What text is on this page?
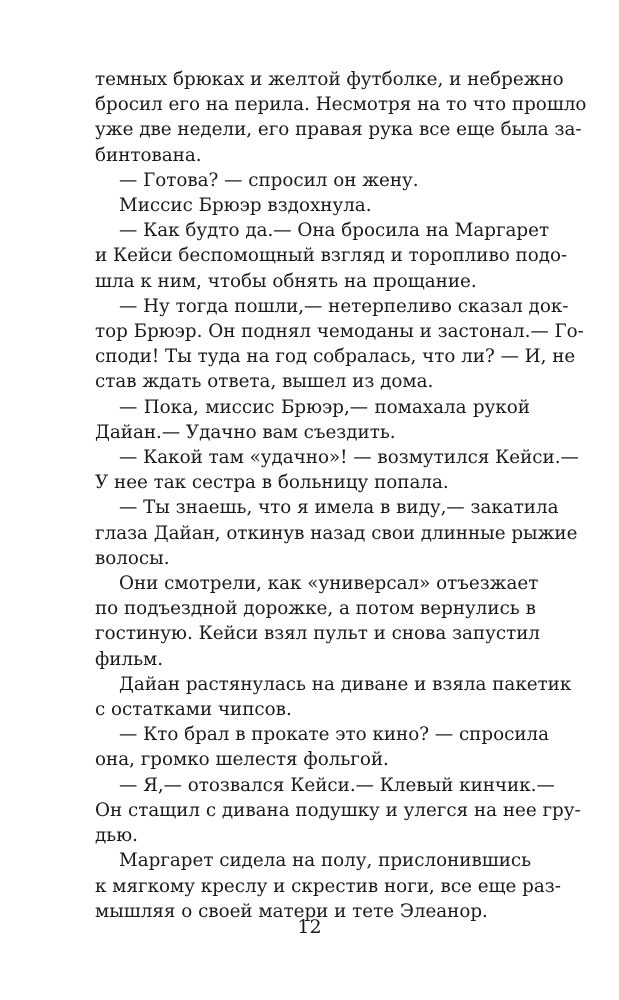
темных брюках и желтой футболке, и небрежно
бросил его на перила. Несмотря на то что прошло
уже две недели, его правая рука все еще была за-
бинтована.

— Готова? — спросил он жену.

Миссис Брюэр вздохнула.

— Как будто да.— Она бросила на Маргарет
и Кейси беспомощный взгляд и торопливо подо-
шла к ним, чтобы обнять на прощание.

— Ну тогда пошли,— нетерпеливо сказал док-
тор Брюэр. Он поднял чемоданы и застонал.— Го-
споди! Ты туда на год собралась, что ли? — И, не
став ждать ответа, вышел из дома.

— Пока, миссис Брюэр,— помахала рукой
Дайан.— Удачно вам съездить.

— Какой там «удачно»! — возмутился Кейси.—
У нее так сестра в больницу попала.

— Ты знаешь, что я имела в виду,— закатила
глаза Дайан, откинув назад свои длинные рыжие
волосы.

Они смотрели, как «универсал» отъезжает
по подъездной дорожке, а потом вернулись в
гостиную. Кейси взял пульт и снова запустил
фильм.

Дайан растянулась на диване и взяла пакетик
с остатками чипсов.

— Кто брал в прокате это кино? — спросила
она, громко шелестя фольгой.

— Я,— отозвался Кейси.— Клевый кинчик.—
Он стащил с дивана подушку и улегся на нее гру-
дью.

Маргарет сидела на полу, прислонившись
к мягкому креслу и скрестив ноги, все еще раз-
мышляя о своей матери и тете Элеанор.

12
